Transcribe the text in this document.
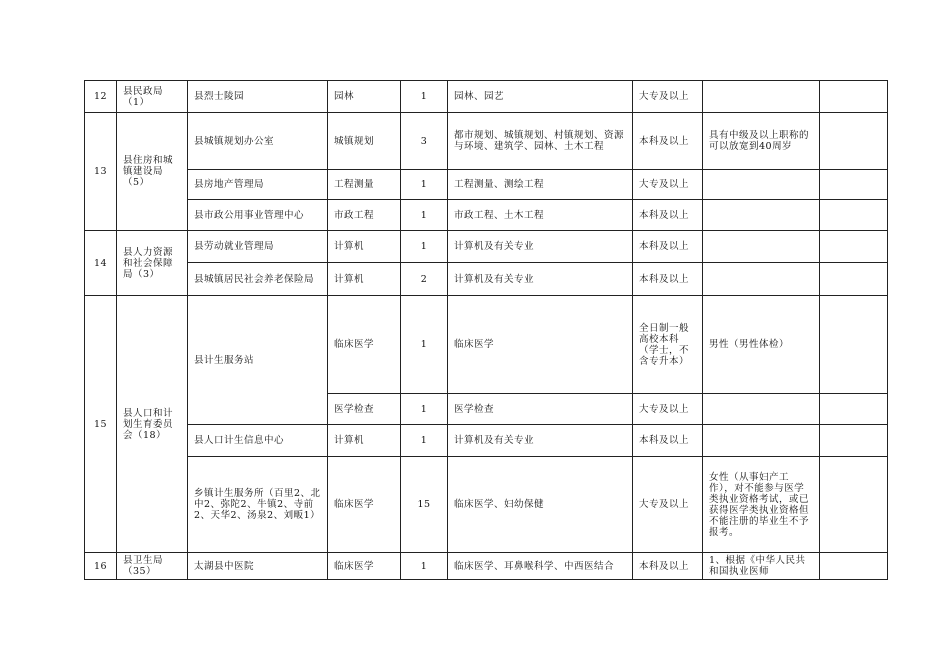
12	县民政局（1）	县烈士陵园	园林	1	园林、园艺	大专及以上		
13	县住房和城镇建设局（5）	县城镇规划办公室	城镇规划	3	都市规划、城镇规划、村镇规划、资源与环境、建筑学、园林、土木工程	本科及以上	具有中级及以上职称的可以放宽到40周岁	
		县房地产管理局	工程测量	1	工程测量、测绘工程	大专及以上		
		县市政公用事业管理中心	市政工程	1	市政工程、土木工程	本科及以上		
14	县人力资源和社会保障局（3）	县劳动就业管理局	计算机	1	计算机及有关专业	本科及以上		
		县城镇居民社会养老保险局	计算机	2	计算机及有关专业	本科及以上		
15	县人口和计划生育委员会（18）	县计生服务站	临床医学	1	临床医学	全日制一般高校本科（学士，不含专升本）	男性（男性体检）	
			医学检查	1	医学检查	大专及以上		
		县人口计生信息中心	计算机	1	计算机及有关专业	本科及以上		
		乡镇计生服务所（百里2、北中2、弥陀2、牛镇2、寺前2、天华2、汤泉2、刘畈1）	临床医学	15	临床医学、妇幼保健	大专及以上	女性（从事妇产工作），对不能参与医学类执业资格考试，或已获得医学类执业资格但不能注册的毕业生不予报考。	
16	县卫生局（35）	太湖县中医院	临床医学	1	临床医学、耳鼻喉科学、中西医结合	本科及以上	1、根据《中华人民共和国执业医师	
